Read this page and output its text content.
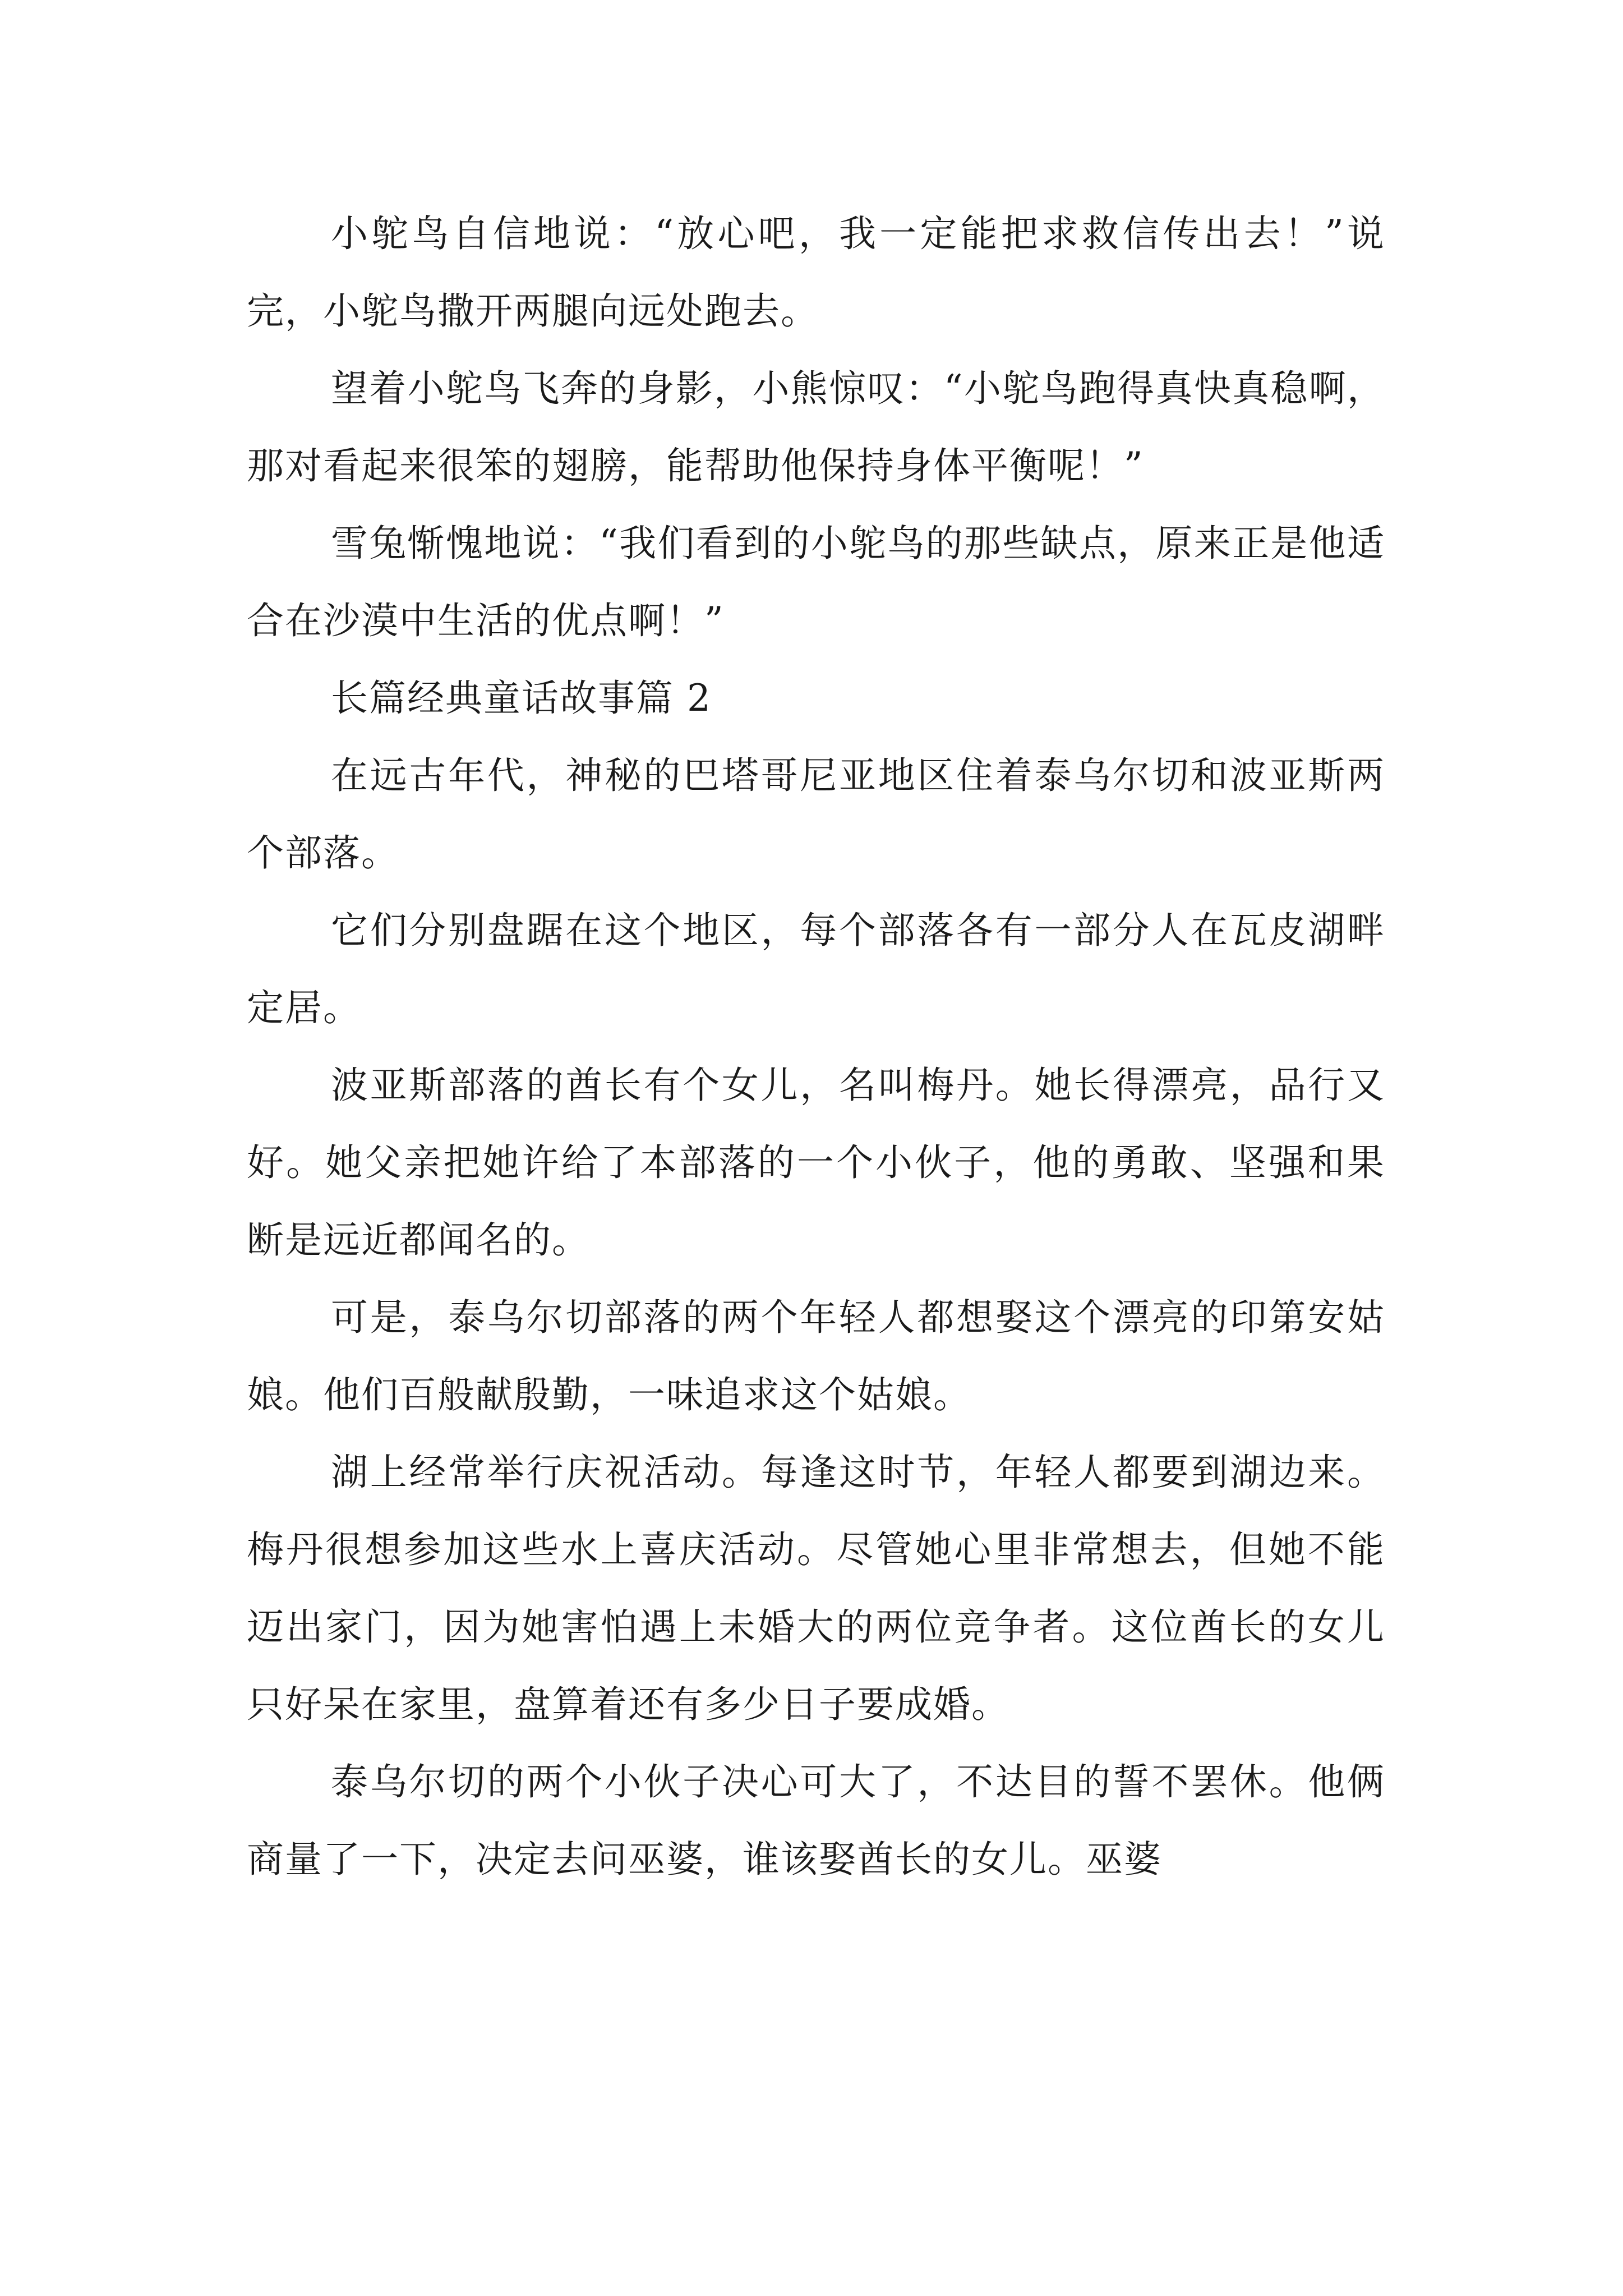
小鸵鸟自信地说：“放心吧，我一定能把求救信传出去！”说完，小鸵鸟撒开两腿向远处跑去。

望着小鸵鸟飞奔的身影，小熊惊叹：“小鸵鸟跑得真快真稳啊，那对看起来很笨的翅膀，能帮助他保持身体平衡呢！”

雪兔惭愧地说：“我们看到的小鸵鸟的那些缺点，原来正是他适合在沙漠中生活的优点啊！”

长篇经典童话故事篇 2

在远古年代，神秘的巴塔哥尼亚地区住着泰乌尔切和波亚斯两个部落。

它们分别盘踞在这个地区，每个部落各有一部分人在瓦皮湖畔定居。

波亚斯部落的酋长有个女儿，名叫梅丹。她长得漂亮，品行又好。她父亲把她许给了本部落的一个小伙子，他的勇敢、坚强和果断是远近都闻名的。

可是，泰乌尔切部落的两个年轻人都想娶这个漂亮的印第安姑娘。他们百般献殷勤，一味追求这个姑娘。

湖上经常举行庆祝活动。每逢这时节，年轻人都要到湖边来。梅丹很想参加这些水上喜庆活动。尽管她心里非常想去，但她不能迈出家门，因为她害怕遇上未婚大的两位竞争者。这位酋长的女儿只好呆在家里，盘算着还有多少日子要成婚。

泰乌尔切的两个小伙子决心可大了，不达目的誓不罢休。他俩商量了一下，决定去问巫婆，谁该娶酋长的女儿。巫婆
